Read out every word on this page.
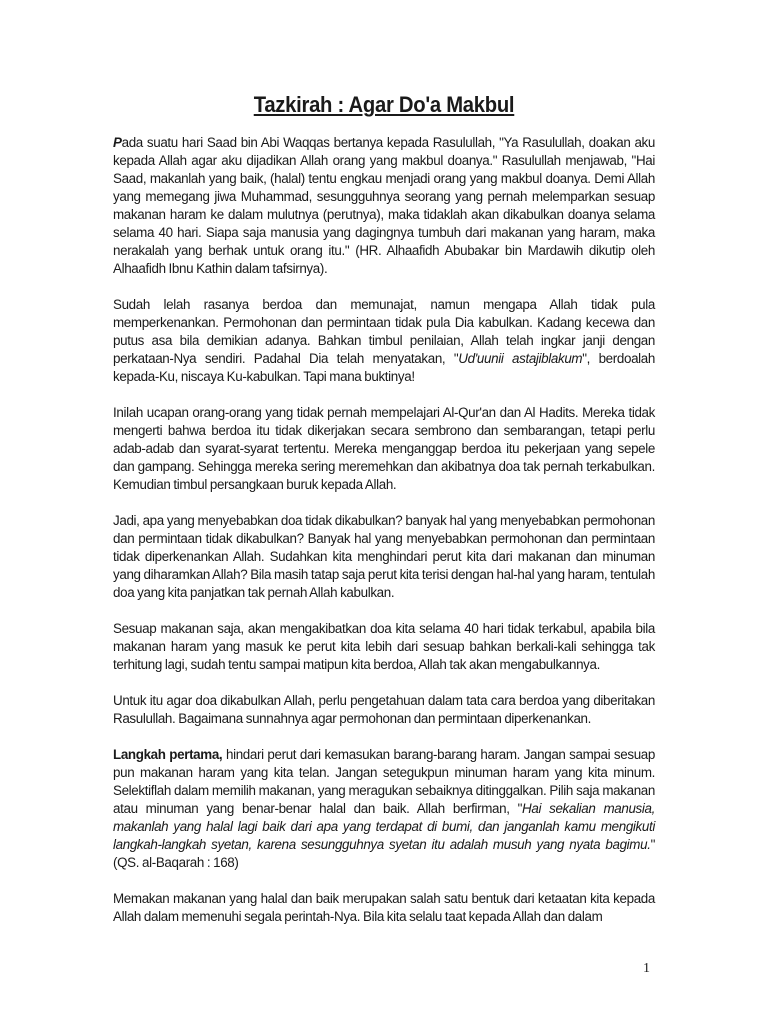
Tazkirah : Agar Do'a Makbul

Pada suatu hari Saad bin Abi Waqqas bertanya kepada Rasulullah, "Ya Rasulullah, doakan aku kepada Allah agar aku dijadikan Allah orang yang makbul doanya." Rasulullah menjawab, "Hai Saad, makanlah yang baik, (halal) tentu engkau menjadi orang yang makbul doanya. Demi Allah yang memegang jiwa Muhammad, sesungguhnya seorang yang pernah melemparkan sesuap makanan haram ke dalam mulutnya (perutnya), maka tidaklah akan dikabulkan doanya selama selama 40 hari. Siapa saja manusia yang dagingnya tumbuh dari makanan yang haram, maka nerakalah yang berhak untuk orang itu." (HR. Alhaafidh Abubakar bin Mardawih dikutip oleh Alhaafidh Ibnu Kathin dalam tafsirnya).

Sudah lelah rasanya berdoa dan memunajat, namun mengapa Allah tidak pula memperkenankan. Permohonan dan permintaan tidak pula Dia kabulkan. Kadang kecewa dan putus asa bila demikian adanya. Bahkan timbul penilaian, Allah telah ingkar janji dengan perkataan-Nya sendiri. Padahal Dia telah menyatakan, "Ud'uunii astajiblakum", berdoalah kepada-Ku, niscaya Ku-kabulkan. Tapi mana buktinya!

Inilah ucapan orang-orang yang tidak pernah mempelajari Al-Qur'an dan Al Hadits. Mereka tidak mengerti bahwa berdoa itu tidak dikerjakan secara sembrono dan sembarangan, tetapi perlu adab-adab dan syarat-syarat tertentu. Mereka menganggap berdoa itu pekerjaan yang sepele dan gampang. Sehingga mereka sering meremehkan dan akibatnya doa tak pernah terkabulkan. Kemudian timbul persangkaan buruk kepada Allah.

Jadi, apa yang menyebabkan doa tidak dikabulkan? banyak hal yang menyebabkan permohonan dan permintaan tidak dikabulkan? Banyak hal yang menyebabkan permohonan dan permintaan tidak diperkenankan Allah. Sudahkan kita menghindari perut kita dari makanan dan minuman yang diharamkan Allah? Bila masih tatap saja perut kita terisi dengan hal-hal yang haram, tentulah doa yang kita panjatkan tak pernah Allah kabulkan.

Sesuap makanan saja, akan mengakibatkan doa kita selama 40 hari tidak terkabul, apabila bila makanan haram yang masuk ke perut kita lebih dari sesuap bahkan berkali-kali sehingga tak terhitung lagi, sudah tentu sampai matipun kita berdoa, Allah tak akan mengabulkannya.

Untuk itu agar doa dikabulkan Allah, perlu pengetahuan dalam tata cara berdoa yang diberitakan Rasulullah. Bagaimana sunnahnya agar permohonan dan permintaan diperkenankan.

Langkah pertama, hindari perut dari kemasukan barang-barang haram. Jangan sampai sesuap pun makanan haram yang kita telan. Jangan setegukpun minuman haram yang kita minum. Selektiflah dalam memilih makanan, yang meragukan sebaiknya ditinggalkan. Pilih saja makanan atau minuman yang benar-benar halal dan baik. Allah berfirman, "Hai sekalian manusia, makanlah yang halal lagi baik dari apa yang terdapat di bumi, dan janganlah kamu mengikuti langkah-langkah syetan, karena sesungguhnya syetan itu adalah musuh yang nyata bagimu." (QS. al-Baqarah : 168)

Memakan makanan yang halal dan baik merupakan salah satu bentuk dari ketaatan kita kepada Allah dalam memenuhi segala perintah-Nya. Bila kita selalu taat kepada Allah dan dalam

1
